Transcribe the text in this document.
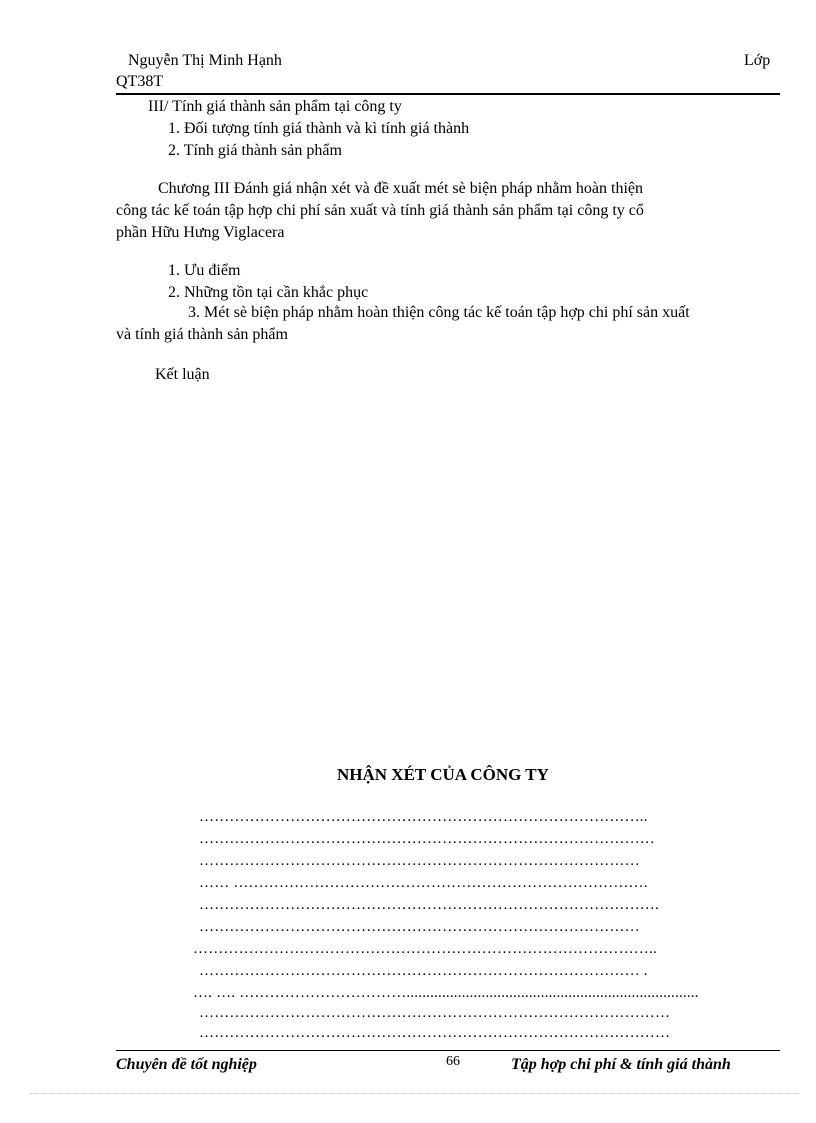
Nguyễn Thị Minh Hạnh	Lớp
QT38T
III/ Tính giá thành sản phẩm tại công ty
1. Đối tượng tính giá thành và kì tính giá thành
2. Tính giá thành sản phẩm
Chương III Đánh giá nhận xét và đề xuất mét sè biện pháp nhằm hoàn thiện
công tác kế toán tập hợp chi phí sản xuất và tính giá thành sản phẩm tại công ty cổ
phần Hữu Hưng Viglacera
1. Ưu điểm
2. Những tồn tại cần khắc phục
3. Mét sè biện pháp nhằm hoàn thiện công tác kế toán tập hợp chi phí sản xuất
và tính giá thành sản phẩm
Kết luận
NHẬN XÉT CỦA CÔNG TY
……………………………………………………………………………..
………………………………………………………………………………
……………………………………………………………………………
…… ……………………………………………………………………….
……………………………………………………………………………….
……………………………………………………………………………
………………………………………………………………………………..
…………………………………………………………………………… .
…. …. ……………………………..........................................................................
…………………………………………………………………………………
…………………………………………………………………………………
Chuyên đề tốt nghiệp	66	Tập hợp chi phí & tính giá thành
